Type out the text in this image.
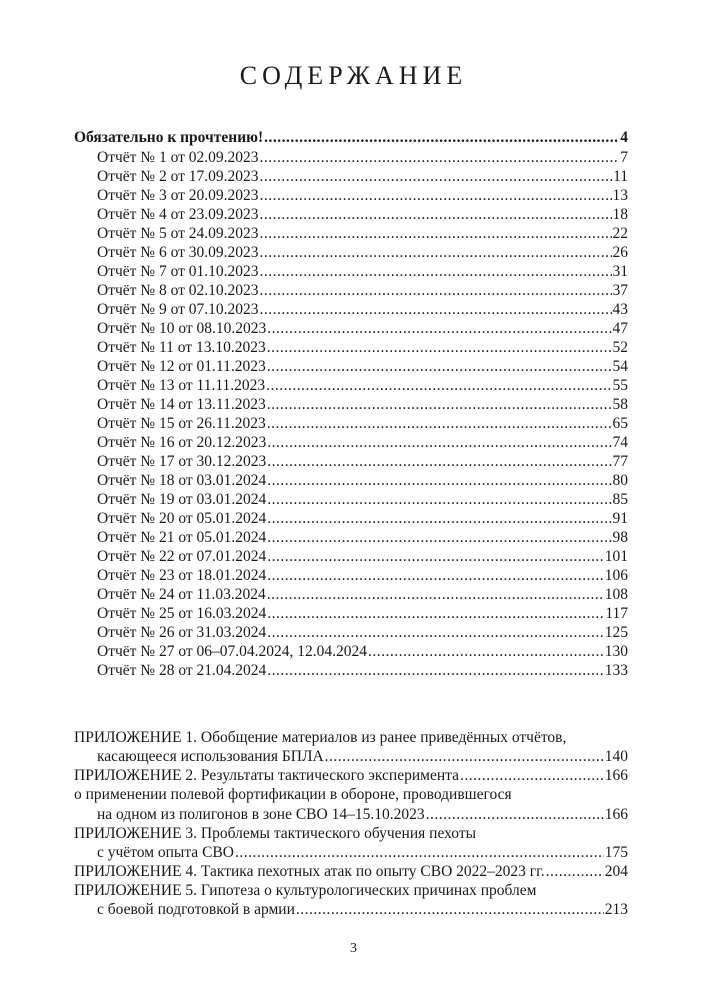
СОДЕРЖАНИЕ
Обязательно к прочтению! .....	4
Отчёт № 1 от 02.09.2023 .....	7
Отчёт № 2 от 17.09.2023 .....	11
Отчёт № 3 от 20.09.2023 .....	13
Отчёт № 4 от 23.09.2023 .....	18
Отчёт № 5 от 24.09.2023 .....	22
Отчёт № 6 от 30.09.2023 .....	26
Отчёт № 7 от 01.10.2023 .....	31
Отчёт № 8 от 02.10.2023 .....	37
Отчёт № 9 от 07.10.2023 .....	43
Отчёт № 10 от 08.10.2023 .....	47
Отчёт № 11 от 13.10.2023 .....	52
Отчёт № 12 от 01.11.2023 .....	54
Отчёт № 13 от 11.11.2023 .....	55
Отчёт № 14 от 13.11.2023 .....	58
Отчёт № 15 от 26.11.2023 .....	65
Отчёт № 16 от 20.12.2023 .....	74
Отчёт № 17 от 30.12.2023 .....	77
Отчёт № 18 от 03.01.2024 .....	80
Отчёт № 19 от 03.01.2024 .....	85
Отчёт № 20 от 05.01.2024 .....	91
Отчёт № 21 от 05.01.2024 .....	98
Отчёт № 22 от 07.01.2024 .....	101
Отчёт № 23 от 18.01.2024 .....	106
Отчёт № 24 от 11.03.2024 .....	108
Отчёт № 25 от 16.03.2024 .....	117
Отчёт № 26 от 31.03.2024 .....	125
Отчёт № 27 от 06–07.04.2024, 12.04.2024 .....	130
Отчёт № 28 от 21.04.2024 .....	133
ПРИЛОЖЕНИЕ 1. Обобщение материалов из ранее приведённых отчётов,
касающееся использования БПЛА .....	140
ПРИЛОЖЕНИЕ 2. Результаты тактического эксперимента .....	166
о применении полевой фортификации в обороне, проводившегося
на одном из полигонов в зоне СВО 14–15.10.2023 .....	166
ПРИЛОЖЕНИЕ 3. Проблемы тактического обучения пехоты
с учётом опыта СВО .....	175
ПРИЛОЖЕНИЕ 4. Тактика пехотных атак по опыту СВО 2022–2023 гг. .....	204
ПРИЛОЖЕНИЕ 5. Гипотеза о культурологических причинах проблем
с боевой подготовкой в армии .....	213
3
